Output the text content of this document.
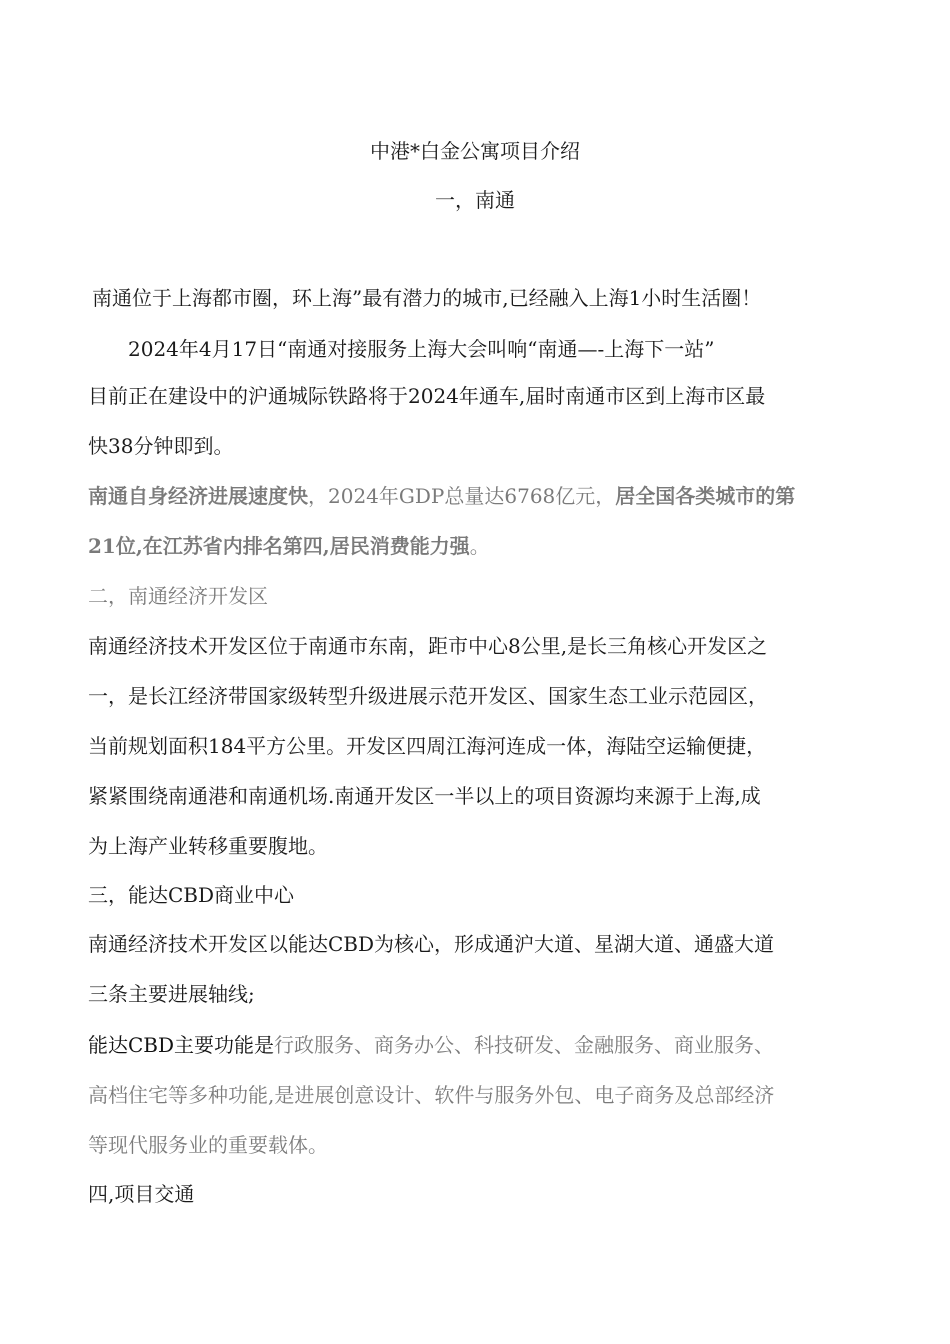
中港*白金公寓项目介绍
一，南通
南通位于上海都市圈，环上海”最有潜力的城市,已经融入上海1小时生活圈！
2024年4月17日“南通对接服务上海大会叫响“南通—-上海下一站”
目前正在建设中的沪通城际铁路将于2024年通车,届时南通市区到上海市区最
快38分钟即到。
南通自身经济进展速度快，2024年GDP总量达6768亿元，居全国各类城市的第
21位,在江苏省内排名第四,居民消费能力强。
二，南通经济开发区
南通经济技术开发区位于南通市东南，距市中心8公里,是长三角核心开发区之
一，是长江经济带国家级转型升级进展示范开发区、国家生态工业示范园区，
当前规划面积184平方公里。开发区四周江海河连成一体，海陆空运输便捷，
紧紧围绕南通港和南通机场.南通开发区一半以上的项目资源均来源于上海,成
为上海产业转移重要腹地。
三，能达CBD商业中心
南通经济技术开发区以能达CBD为核心，形成通沪大道、星湖大道、通盛大道
三条主要进展轴线;
能达CBD主要功能是行政服务、商务办公、科技研发、金融服务、商业服务、
高档住宅等多种功能,是进展创意设计、软件与服务外包、电子商务及总部经济
等现代服务业的重要载体。
四,项目交通
